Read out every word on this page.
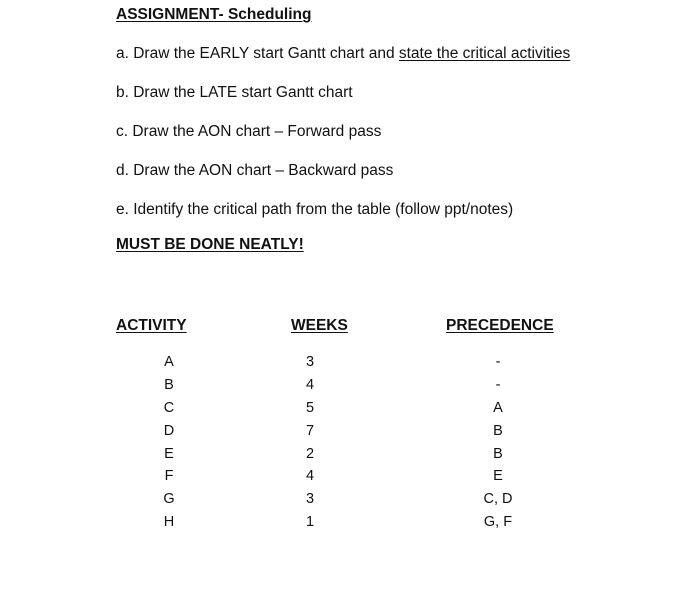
ASSIGNMENT- Scheduling
a. Draw the EARLY start Gantt chart and state the critical activities
b. Draw the LATE start Gantt chart
c. Draw the AON chart – Forward pass
d. Draw the AON chart – Backward pass
e. Identify the critical path from the table (follow ppt/notes)
MUST BE DONE NEATLY!
ACTIVITY	WEEKS	PRECEDENCE
A	3	-
B	4	-
C	5	A
D	7	B
E	2	B
F	4	E
G	3	C, D
H	1	G, F
